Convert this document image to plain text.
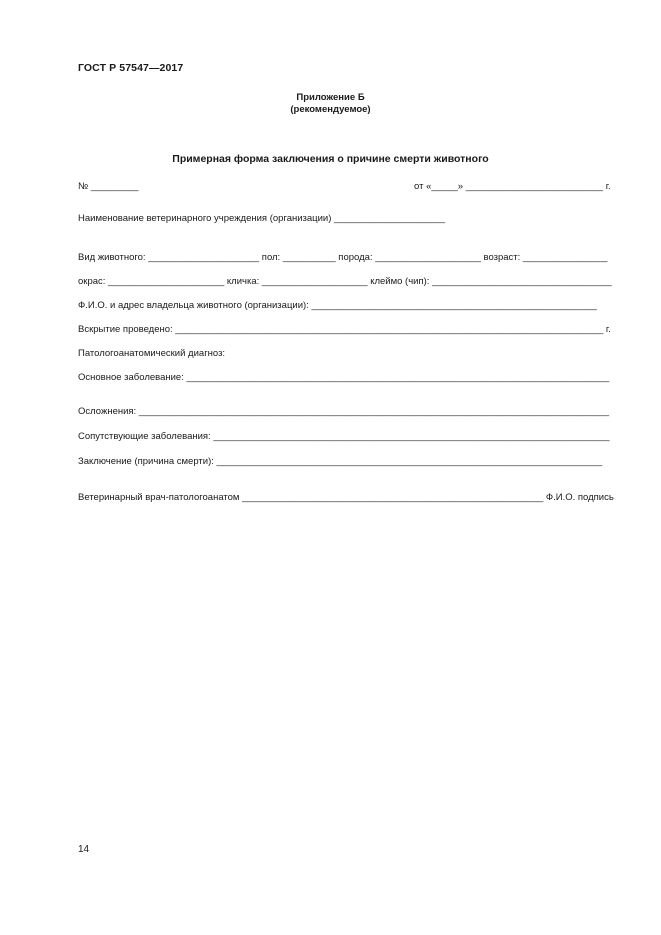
ГОСТ Р 57547—2017
Приложение Б
(рекомендуемое)
Примерная форма заключения о причине смерти животного
№ _________	от «_____» __________________________ г.
Наименование ветеринарного учреждения (организации) _____________________
Вид животного: _____________________ пол: __________ порода: ____________________ возраст: ________________
окрас: ______________________ кличка: ____________________ клеймо (чип): __________________________________
Ф.И.О. и адрес владельца животного (организации): ______________________________________________________
Вскрытие проведено: _________________________________________________________________________________ г.
Патологоанатомический диагноз:
Основное заболевание: ________________________________________________________________________________
Осложнения: _________________________________________________________________________________________
Сопутствующие заболевания: ___________________________________________________________________________
Заключение (причина смерти): _________________________________________________________________________
Ветеринарный врач-патологоанатом _________________________________________________________ Ф.И.О. подпись
14
